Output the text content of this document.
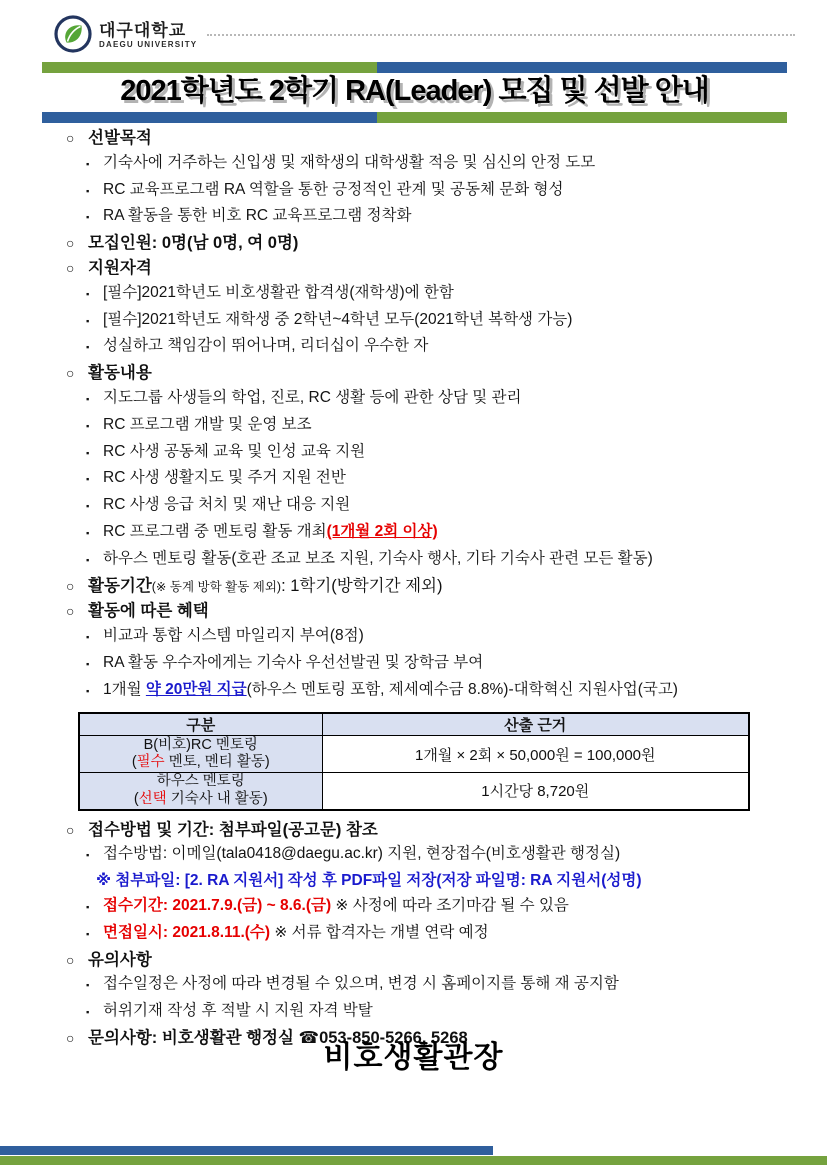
대구대학교
DAEGU UNIVERSITY
2021학년도 2학기 RA(Leader) 모집 및 선발 안내
○ 선발목적
▪ 기숙사에 거주하는 신입생 및 재학생의 대학생활 적응 및 심신의 안정 도모
▪ RC 교육프로그램 RA 역할을 통한 긍정적인 관계 및 공동체 문화 형성
▪ RA 활동을 통한 비호 RC 교육프로그램 정착화
○ 모집인원: 0명(남 0명, 여 0명)
○ 지원자격
▪ [필수]2021학년도 비호생활관 합격생(재학생)에 한함
▪ [필수]2021학년도 재학생 중 2학년~4학년 모두(2021학년 복학생 가능)
▪ 성실하고 책임감이 뛰어나며, 리더십이 우수한 자
○ 활동내용
▪ 지도그룹 사생들의 학업, 진로, RC 생활 등에 관한 상담 및 관리
▪ RC 프로그램 개발 및 운영 보조
▪ RC 사생 공동체 교육 및 인성 교육 지원
▪ RC 사생 생활지도 및 주거 지원 전반
▪ RC 사생 응급 처치 및 재난 대응 지원
▪ RC 프로그램 중 멘토링 활동 개최(1개월 2회 이상)
▪ 하우스 멘토링 활동(호관 조교 보조 지원, 기숙사 행사, 기타 기숙사 관련 모든 활동)
○ 활동기간(※ 동계 방학 활동 제외): 1학기(방학기간 제외)
○ 활동에 따른 혜택
▪ 비교과 통합 시스템 마일리지 부여(8점)
▪ RA 활동 우수자에게는 기숙사 우선선발권 및 장학금 부여
▪ 1개월 약 20만원 지급(하우스 멘토링 포함, 제세예수금 8.8%)-대학혁신 지원사업(국고)
구분	산출 근거

B(비호)RC 멘토링
(필수 멘토, 멘티 활동)	1개월 × 2회 × 50,000원 = 100,000원

하우스 멘토링
(선택 기숙사 내 활동)	1시간당 8,720원
○ 접수방법 및 기간: 첨부파일(공고문) 참조
▪ 접수방법: 이메일(tala0418@daegu.ac.kr) 지원, 현장접수(비호생활관 행정실)
※ 첨부파일: [2. RA 지원서] 작성 후 PDF파일 저장(저장 파일명: RA 지원서(성명)
▪ 접수기간: 2021.7.9.(금) ~ 8.6.(금) ※ 사정에 따라 조기마감 될 수 있음
▪ 면접일시: 2021.8.11.(수) ※ 서류 합격자는 개별 연락 예정
○ 유의사항
▪ 접수일정은 사정에 따라 변경될 수 있으며, 변경 시 홈페이지를 통해 재 공지함
▪ 허위기재 작성 후 적발 시 지원 자격 박탈
○ 문의사항: 비호생활관 행정실 ☎053-850-5266, 5268
비호생활관장
